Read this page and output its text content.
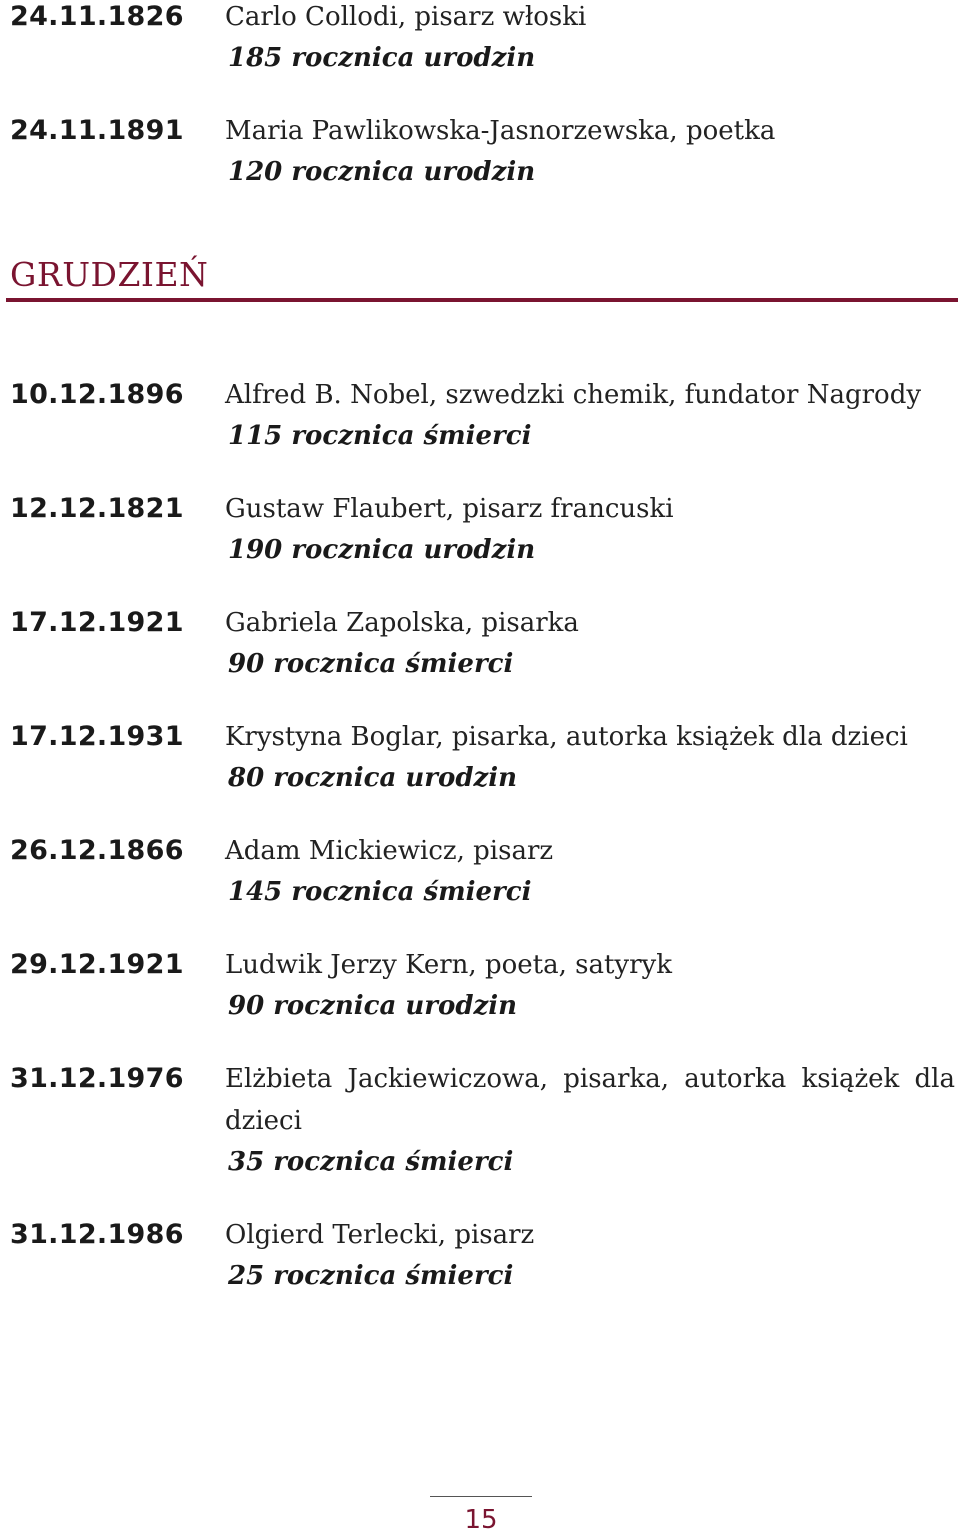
24.11.1826 Carlo Collodi, pisarz włoski
185 rocznica urodzin
24.11.1891 Maria Pawlikowska-Jasnorzewska, poetka
120 rocznica urodzin
GRUDZIEŃ
10.12.1896 Alfred B. Nobel, szwedzki chemik, fundator Nagrody
115 rocznica śmierci
12.12.1821 Gustaw Flaubert, pisarz francuski
190 rocznica urodzin
17.12.1921 Gabriela Zapolska, pisarka
90 rocznica śmierci
17.12.1931 Krystyna Boglar, pisarka, autorka książek dla dzieci
80 rocznica urodzin
26.12.1866 Adam Mickiewicz, pisarz
145 rocznica śmierci
29.12.1921 Ludwik Jerzy Kern, poeta, satyryk
90 rocznica urodzin
31.12.1976 Elżbieta Jackiewiczowa, pisarka, autorka książek dla dzieci
35 rocznica śmierci
31.12.1986 Olgierd Terlecki, pisarz
25 rocznica śmierci
15
